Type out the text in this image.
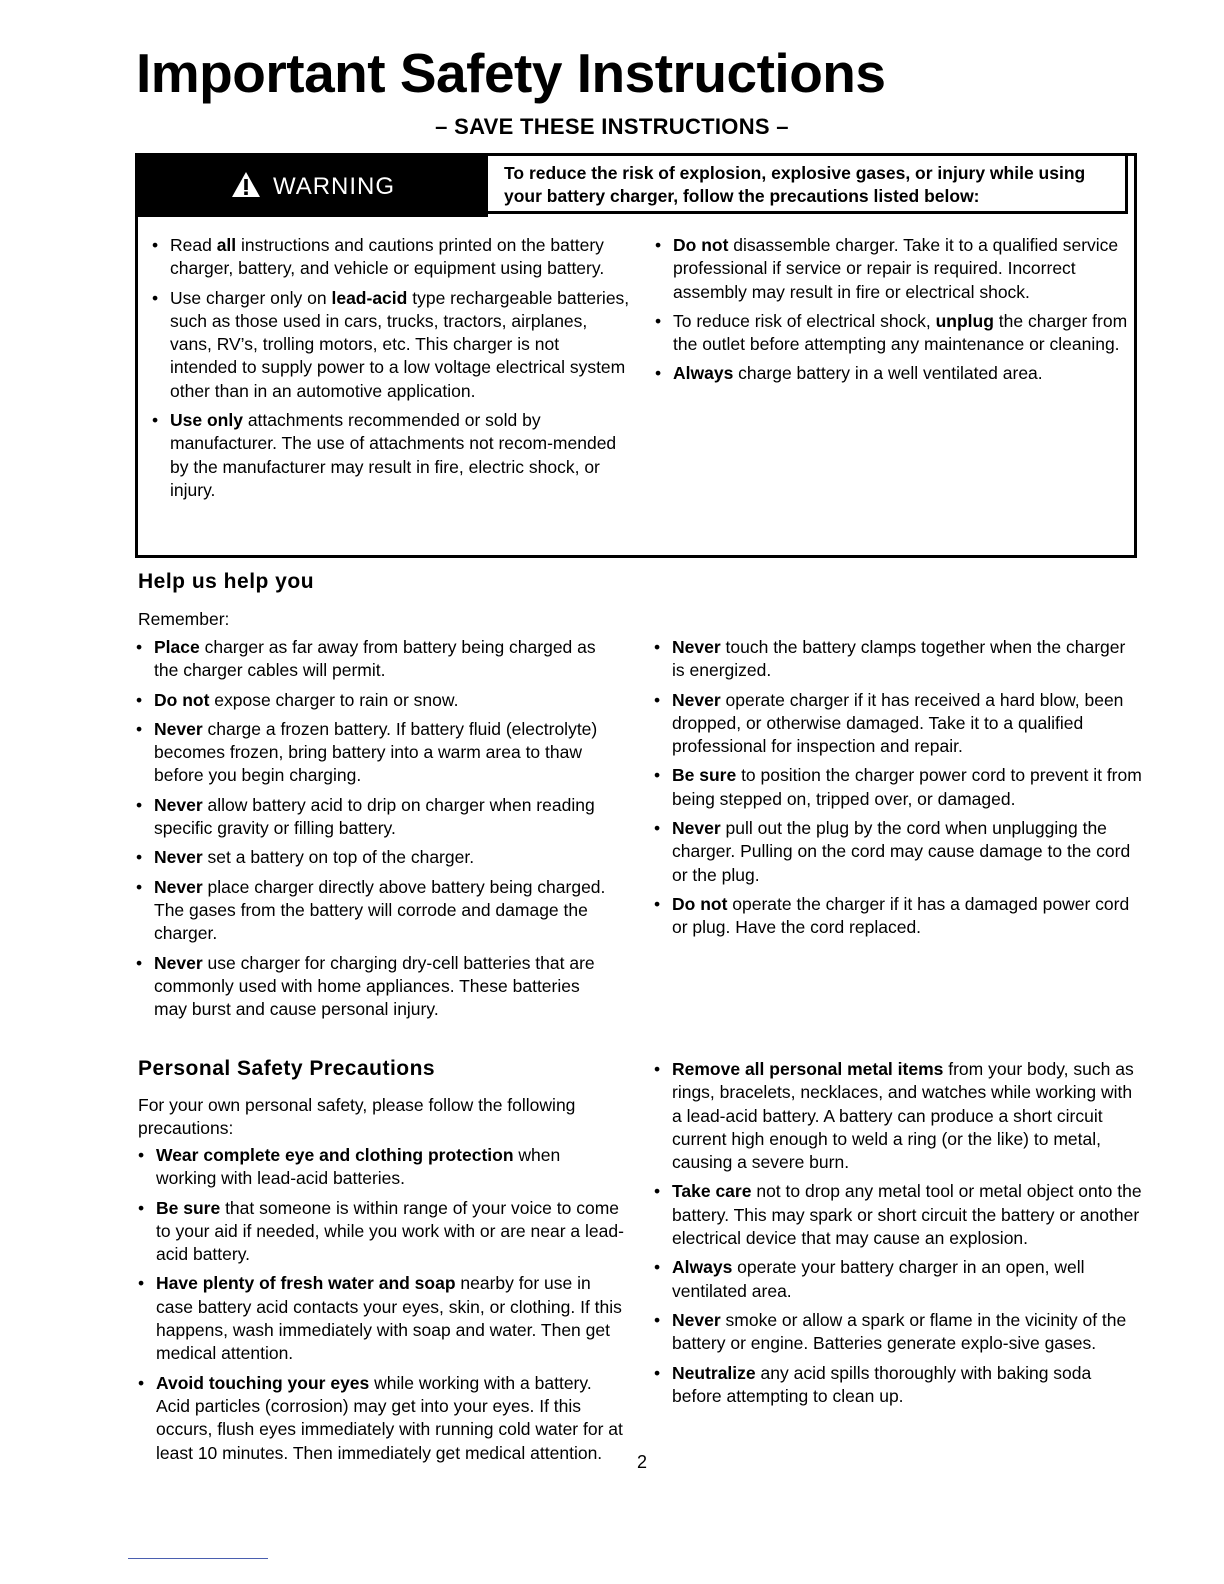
Important Safety Instructions
– SAVE THESE INSTRUCTIONS –
WARNING	To reduce the risk of explosion, explosive gases, or injury while using your battery charger, follow the precautions listed below:
• Read all instructions and cautions printed on the battery charger, battery, and vehicle or equipment using battery.
• Use charger only on lead-acid type rechargeable batteries, such as those used in cars, trucks, tractors, airplanes, vans, RV’s, trolling motors, etc. This charger is not intended to supply power to a low voltage electrical system other than in an automotive application.
• Use only attachments recommended or sold by manufacturer. The use of attachments not recom-mended by the manufacturer may result in fire, electric shock, or injury.
• Do not disassemble charger. Take it to a qualified service professional if service or repair is required. Incorrect assembly may result in fire or electrical shock.
• To reduce risk of electrical shock, unplug the charger from the outlet before attempting any maintenance or cleaning.
• Always charge battery in a well ventilated area.
Help us help you

Remember:

• Place charger as far away from battery being charged as the charger cables will permit.
• Do not expose charger to rain or snow.
• Never charge a frozen battery. If battery fluid (electrolyte) becomes frozen, bring battery into a warm area to thaw before you begin charging.
• Never allow battery acid to drip on charger when reading specific gravity or filling battery.
• Never set a battery on top of the charger.
• Never place charger directly above battery being charged. The gases from the battery will corrode and damage the charger.
• Never use charger for charging dry-cell batteries that are commonly used with home appliances. These batteries may burst and cause personal injury.
• Never touch the battery clamps together when the charger is energized.
• Never operate charger if it has received a hard blow, been dropped, or otherwise damaged. Take it to a qualified professional for inspection and repair.
• Be sure to position the charger power cord to prevent it from being stepped on, tripped over, or damaged.
• Never pull out the plug by the cord when unplugging the charger. Pulling on the cord may cause damage to the cord or the plug.
• Do not operate the charger if it has a damaged power cord or plug. Have the cord replaced.
Personal Safety Precautions

For your own personal safety, please follow the following precautions:

• Wear complete eye and clothing protection when working with lead-acid batteries.
• Be sure that someone is within range of your voice to come to your aid if needed, while you work with or are near a lead-acid battery.
• Have plenty of fresh water and soap nearby for use in case battery acid contacts your eyes, skin, or clothing. If this happens, wash immediately with soap and water. Then get medical attention.
• Avoid touching your eyes while working with a battery. Acid particles (corrosion) may get into your eyes. If this occurs, flush eyes immediately with running cold water for at least 10 minutes. Then immediately get medical attention.
• Remove all personal metal items from your body, such as rings, bracelets, necklaces, and watches while working with a lead-acid battery. A battery can produce a short circuit current high enough to weld a ring (or the like) to metal, causing a severe burn.
• Take care not to drop any metal tool or metal object onto the battery. This may spark or short circuit the battery or another electrical device that may cause an explosion.
• Always operate your battery charger in an open, well ventilated area.
• Never smoke or allow a spark or flame in the vicinity of the battery or engine. Batteries generate explo-sive gases.
• Neutralize any acid spills thoroughly with baking soda before attempting to clean up.
2
